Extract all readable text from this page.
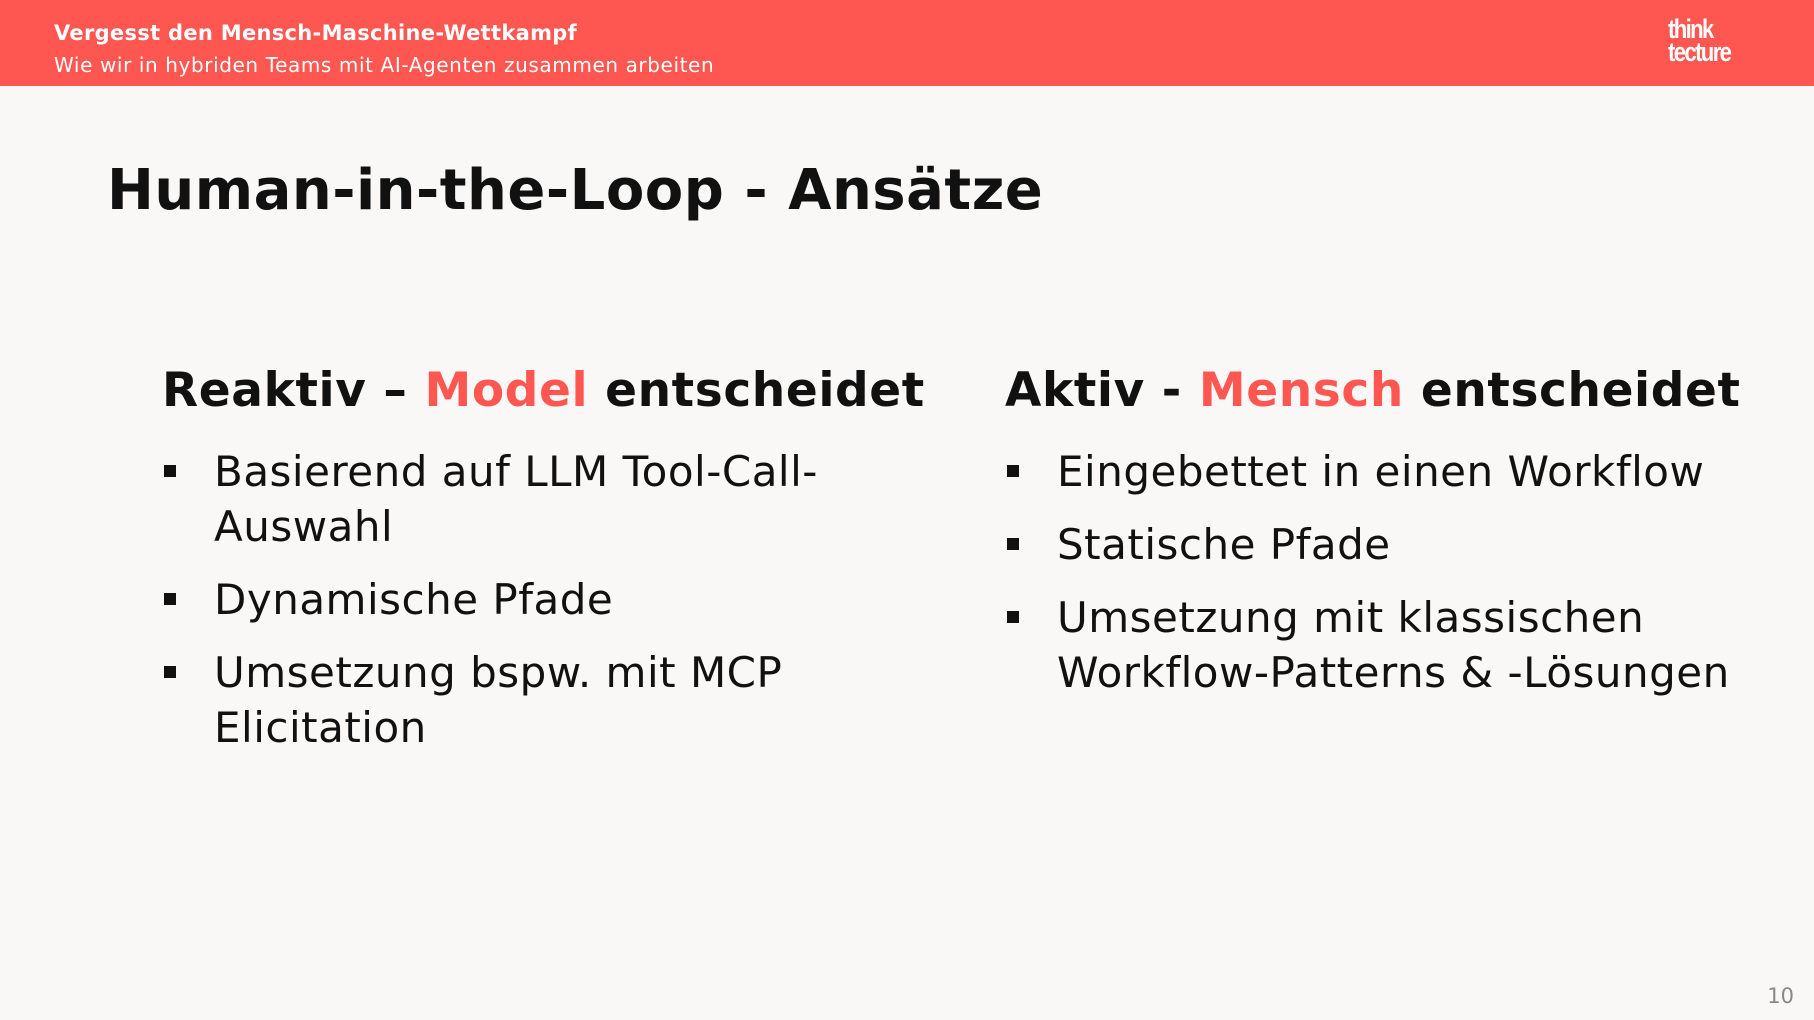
Vergesst den Mensch-Maschine-Wettkampf
Wie wir in hybriden Teams mit AI-Agenten zusammen arbeiten
think
tecture
Human-in-the-Loop - Ansätze
Reaktiv – Model entscheidet
Basierend auf LLM Tool-Call-Auswahl
Dynamische Pfade
Umsetzung bspw. mit MCP Elicitation
Aktiv - Mensch entscheidet
Eingebettet in einen Workflow
Statische Pfade
Umsetzung mit klassischen Workflow-Patterns & -Lösungen
10
